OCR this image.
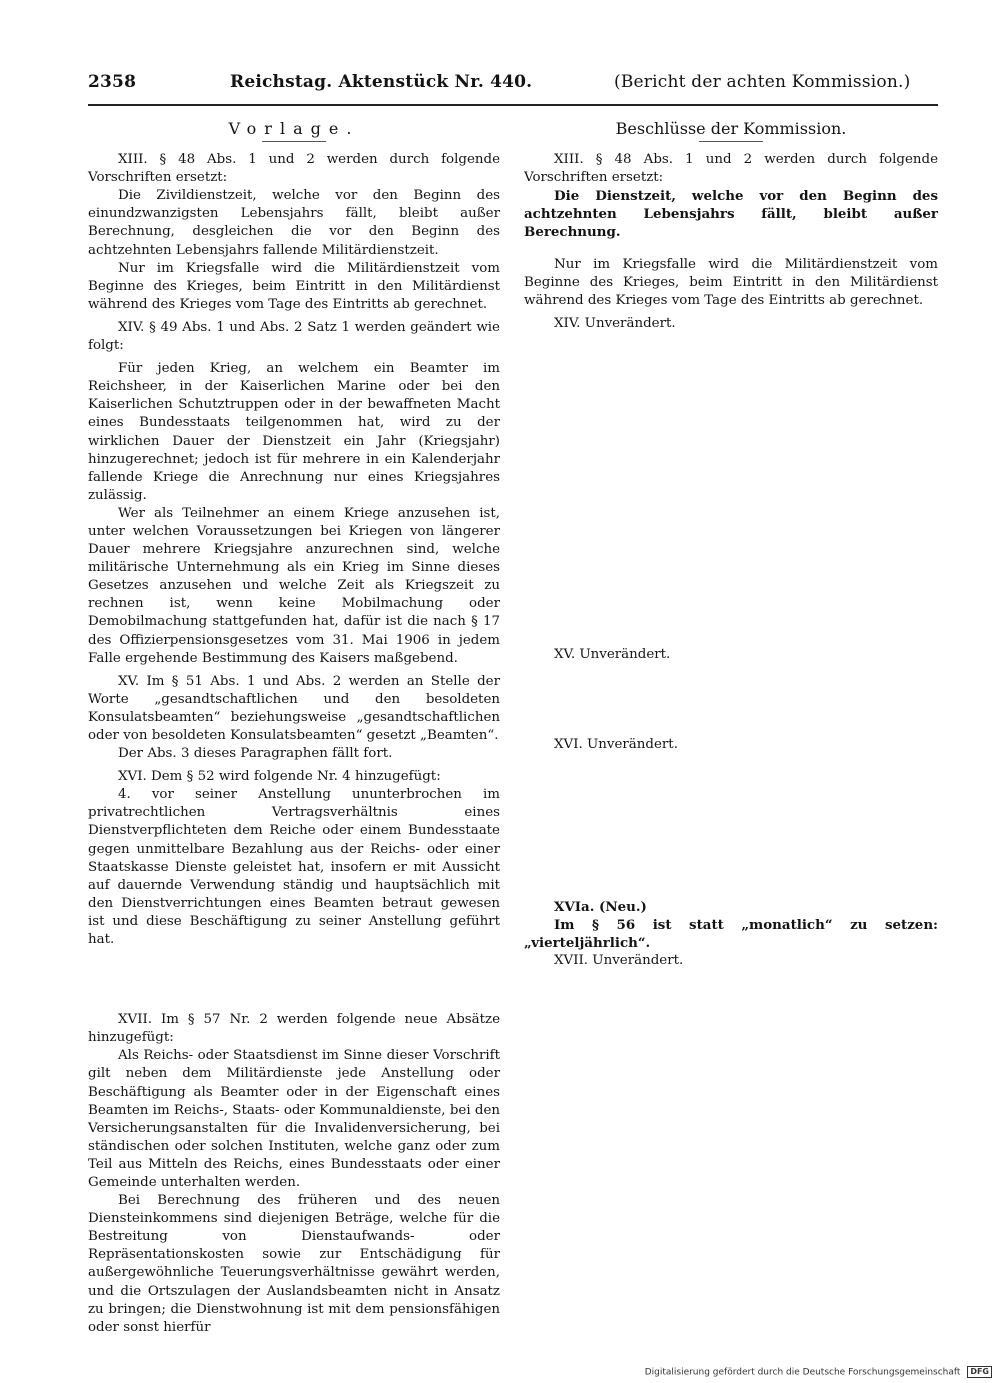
2358	Reichstag. Aktenstück Nr. 440.	(Bericht der achten Kommission.)
Vorlage.

XIII. § 48 Abs. 1 und 2 werden durch folgende Vorschriften ersetzt:

Die Zivildienstzeit, welche vor den Beginn des einundzwanzigsten Lebensjahrs fällt, bleibt außer Berechnung, desgleichen die vor den Beginn des achtzehnten Lebensjahrs fallende Militärdienstzeit.

Nur im Kriegsfalle wird die Militärdienstzeit vom Beginne des Krieges, beim Eintritt in den Militärdienst während des Krieges vom Tage des Eintritts ab gerechnet.

XIV. § 49 Abs. 1 und Abs. 2 Satz 1 werden geändert wie folgt:

Für jeden Krieg, an welchem ein Beamter im Reichsheer, in der Kaiserlichen Marine oder bei den Kaiserlichen Schutztruppen oder in der bewaffneten Macht eines Bundesstaats teilgenommen hat, wird zu der wirklichen Dauer der Dienstzeit ein Jahr (Kriegsjahr) hinzugerechnet; jedoch ist für mehrere in ein Kalenderjahr fallende Kriege die Anrechnung nur eines Kriegsjahres zulässig.

Wer als Teilnehmer an einem Kriege anzusehen ist, unter welchen Voraussetzungen bei Kriegen von längerer Dauer mehrere Kriegsjahre anzurechnen sind, welche militärische Unternehmung als ein Krieg im Sinne dieses Gesetzes anzusehen und welche Zeit als Kriegszeit zu rechnen ist, wenn keine Mobilmachung oder Demobilmachung stattgefunden hat, dafür ist die nach § 17 des Offizierpensionsgesetzes vom 31. Mai 1906 in jedem Falle ergehende Bestimmung des Kaisers maßgebend.

XV. Im § 51 Abs. 1 und Abs. 2 werden an Stelle der Worte „gesandtschaftlichen und den besoldeten Konsulatsbeamten“ beziehungsweise „gesandtschaftlichen oder von besoldeten Konsulatsbeamten“ gesetzt „Beamten“.

Der Abs. 3 dieses Paragraphen fällt fort.

XVI. Dem § 52 wird folgende Nr. 4 hinzugefügt:

4. vor seiner Anstellung ununterbrochen im privatrechtlichen Vertragsverhältnis eines Dienstverpflichteten dem Reiche oder einem Bundesstaate gegen unmittelbare Bezahlung aus der Reichs- oder einer Staatskasse Dienste geleistet hat, insofern er mit Aussicht auf dauernde Verwendung ständig und hauptsächlich mit den Dienstverrichtungen eines Beamten betraut gewesen ist und diese Beschäftigung zu seiner Anstellung geführt hat.

XVII. Im § 57 Nr. 2 werden folgende neue Absätze hinzugefügt:

Als Reichs- oder Staatsdienst im Sinne dieser Vorschrift gilt neben dem Militärdienste jede Anstellung oder Beschäftigung als Beamter oder in der Eigenschaft eines Beamten im Reichs-, Staats- oder Kommunaldienste, bei den Versicherungsanstalten für die Invalidenversicherung, bei ständischen oder solchen Instituten, welche ganz oder zum Teil aus Mitteln des Reichs, eines Bundesstaats oder einer Gemeinde unterhalten werden.

Bei Berechnung des früheren und des neuen Diensteinkommens sind diejenigen Beträge, welche für die Bestreitung von Dienstaufwands- oder Repräsentationskosten sowie zur Entschädigung für außergewöhnliche Teuerungsverhältnisse gewährt werden, und die Ortszulagen der Auslandsbeamten nicht in Ansatz zu bringen; die Dienstwohnung ist mit dem pensionsfähigen oder sonst hierfür

Beschlüsse der Kommission.

XIII. § 48 Abs. 1 und 2 werden durch folgende Vorschriften ersetzt:

Die Dienstzeit, welche vor den Beginn des achtzehnten Lebensjahrs fällt, bleibt außer Berechnung.

Nur im Kriegsfalle wird die Militärdienstzeit vom Beginne des Krieges, beim Eintritt in den Militärdienst während des Krieges vom Tage des Eintritts ab gerechnet.

XIV. Unverändert.

XV. Unverändert.

XVI. Unverändert.

XVIa. (Neu.)

Im § 56 ist statt „monatlich“ zu setzen: „vierteljährlich“.

XVII. Unverändert.

Digitalisierung gefördert durch die Deutsche Forschungsgemeinschaft DFG
